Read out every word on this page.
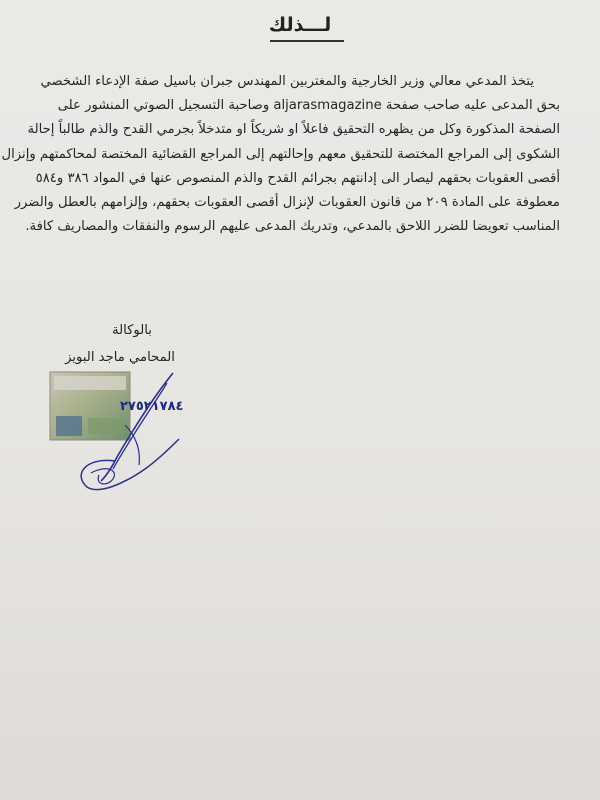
لـــذلك
يتخذ المدعي معالي وزير الخارجية والمغتربين المهندس جبران باسيل صفة الإدعاء الشخصي
بحق المدعى عليه صاحب صفحة aljarasmagazine وصاحبة التسجيل الصوتي المنشور على
الصفحة المذكورة وكل من يظهره التحقيق فاعلاً او شريكاً او متدخلاً بجرمي القدح والذم طالباً إحالة
الشكوى إلى المراجع المختصة للتحقيق معهم وإحالتهم إلى المراجع القضائية المختصة لمحاكمتهم وإنزال
أقصى العقوبات بحقهم ليصار الى إدانتهم بجرائم القدح والذم المنصوص عنها في المواد ٣٨٦ و٥٨٤
معطوفة على المادة ٢٠٩ من قانون العقوبات لإنزال أقصى العقوبات بحقهم، وإلزامهم بالعطل والضرر
المناسب تعويضا للضرر اللاحق بالمدعي، وتدريك المدعى عليهم الرسوم والنفقات والمصاريف كافة.
بالوكالة
المحامي ماجد البويز
٢٧٥٢١٧٨٤
